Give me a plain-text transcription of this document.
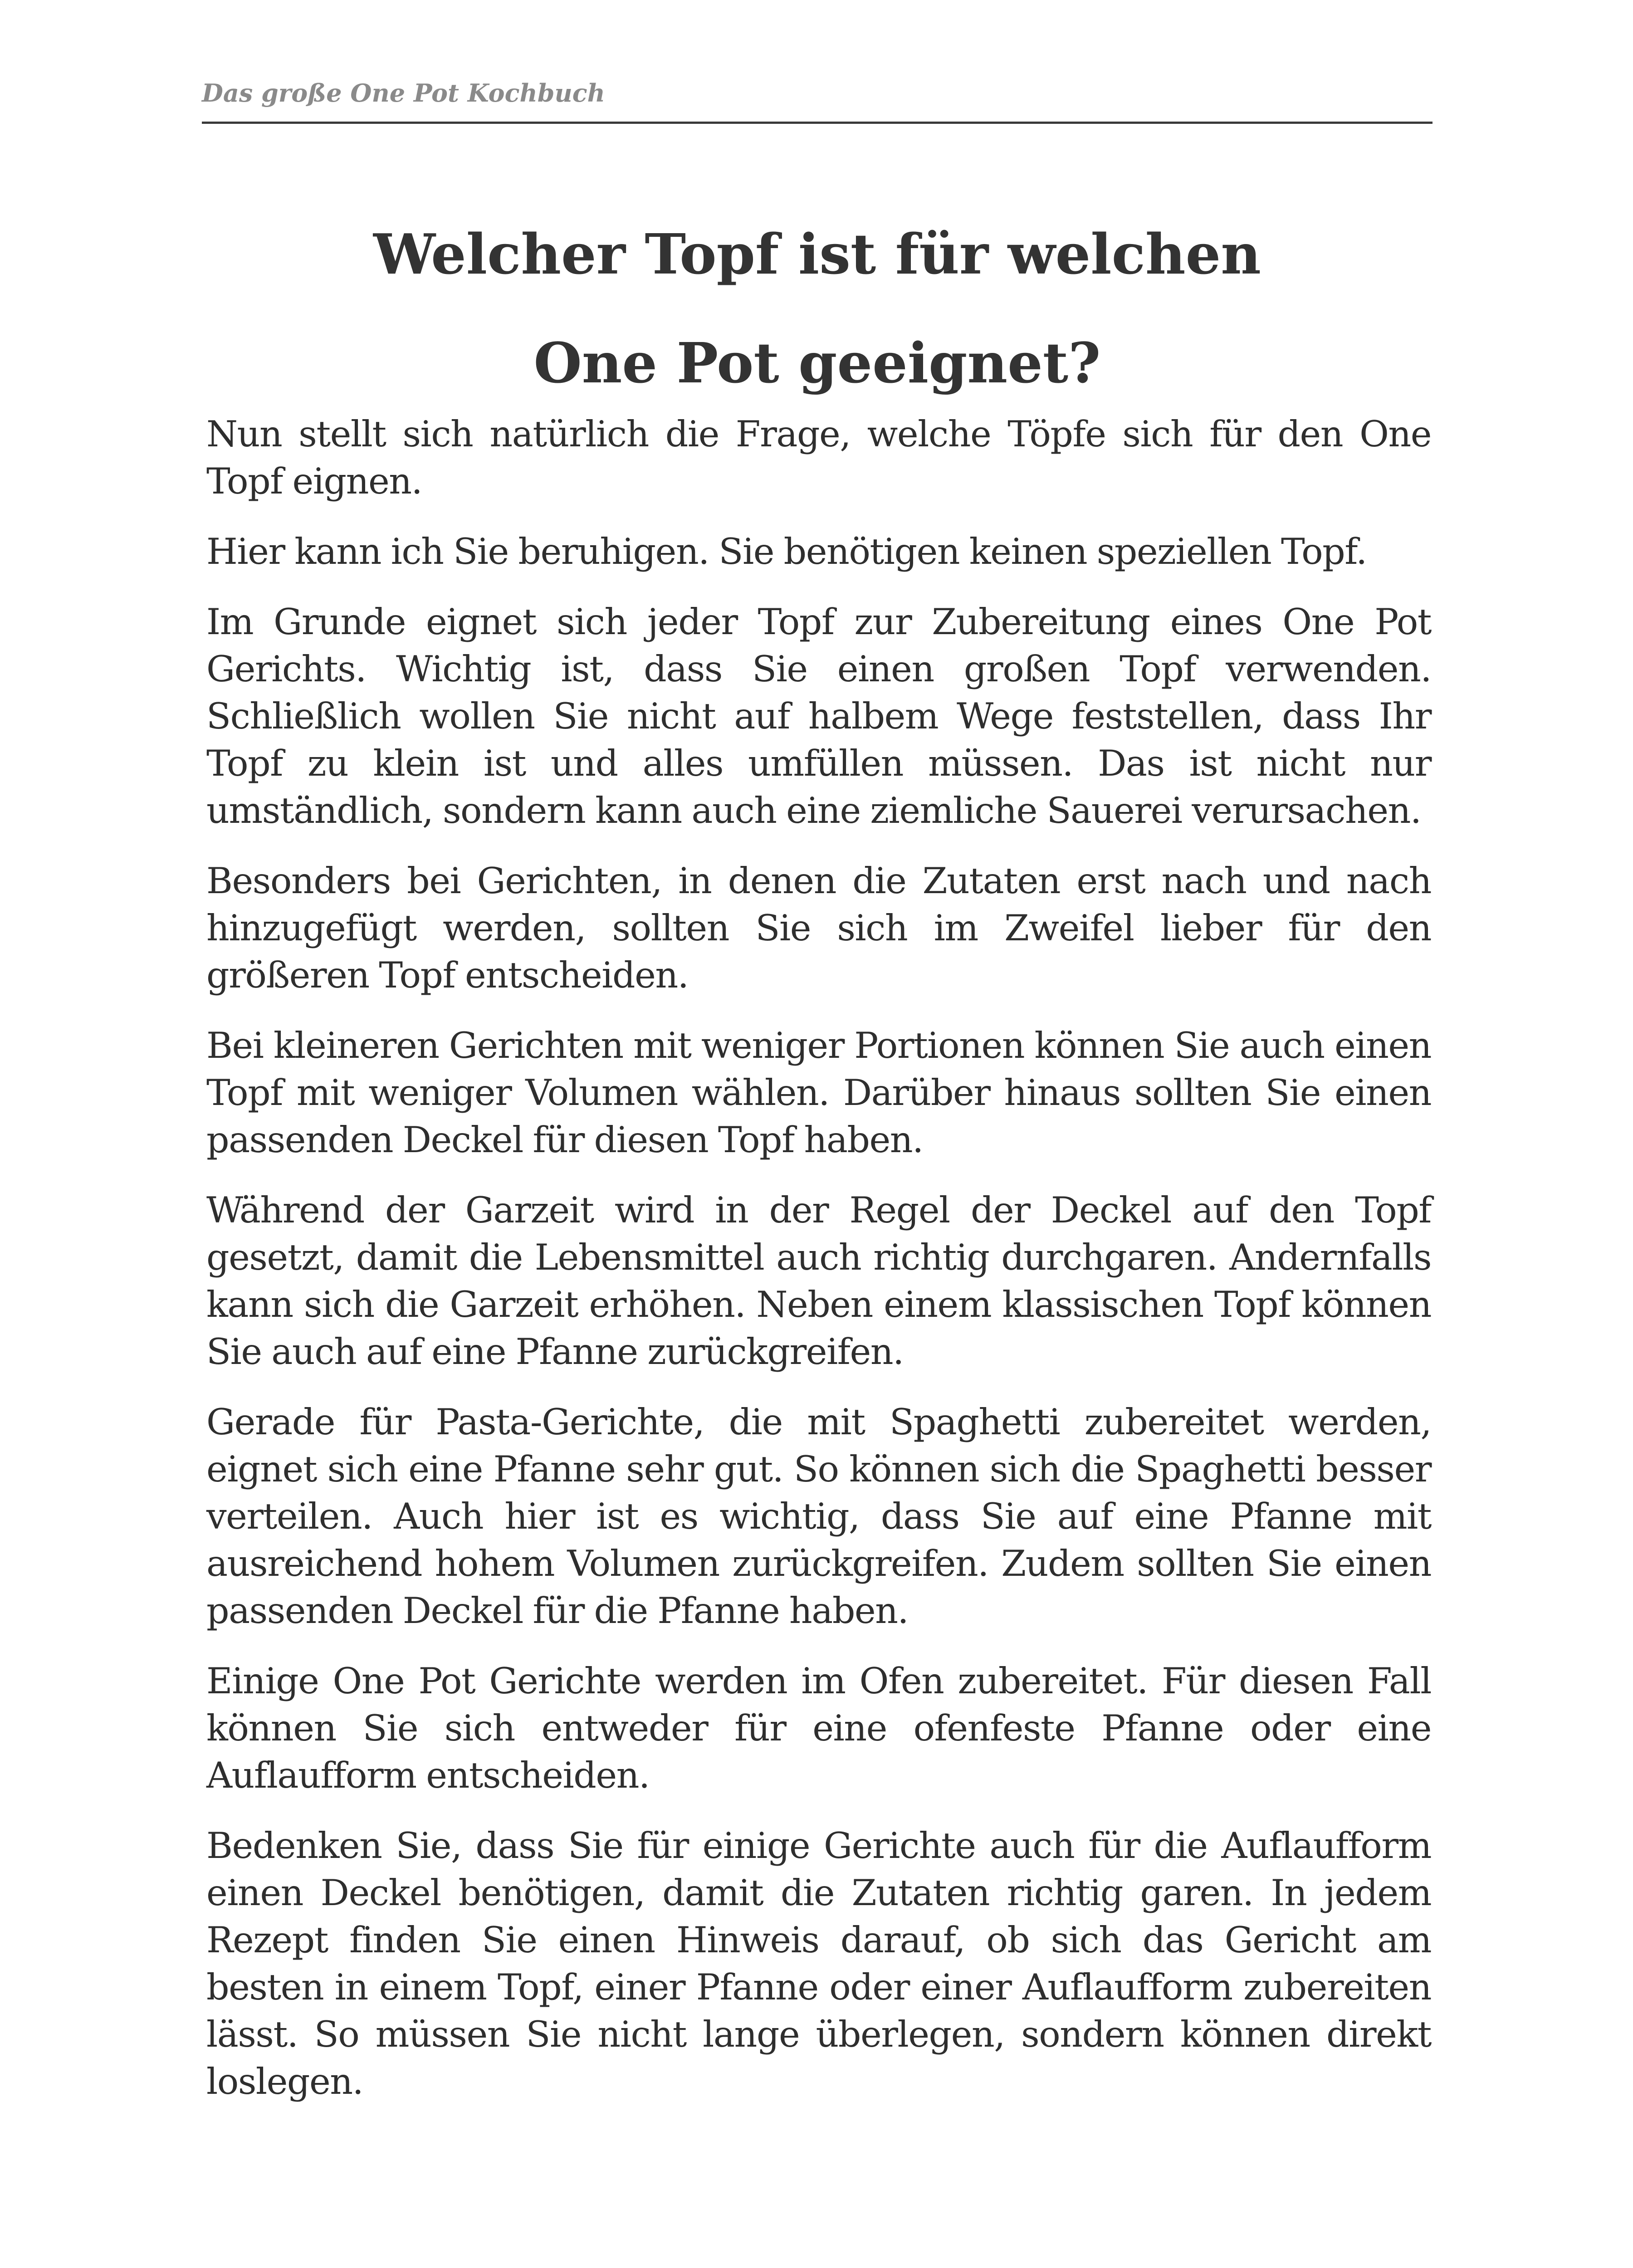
Das große One Pot Kochbuch
Welcher Topf ist für welchen
One Pot geeignet?

Nun stellt sich natürlich die Frage, welche Töpfe sich für den One Topf eignen.

Hier kann ich Sie beruhigen. Sie benötigen keinen speziellen Topf.

Im Grunde eignet sich jeder Topf zur Zubereitung eines One Pot Gerichts. Wichtig ist, dass Sie einen großen Topf verwenden. Schließlich wollen Sie nicht auf halbem Wege feststellen, dass Ihr Topf zu klein ist und alles umfüllen müssen. Das ist nicht nur umständlich, sondern kann auch eine ziemliche Sauerei verursachen.

Besonders bei Gerichten, in denen die Zutaten erst nach und nach hinzugefügt werden, sollten Sie sich im Zweifel lieber für den größeren Topf entscheiden.

Bei kleineren Gerichten mit weniger Portionen können Sie auch einen Topf mit weniger Volumen wählen. Darüber hinaus sollten Sie einen passenden Deckel für diesen Topf haben.

Während der Garzeit wird in der Regel der Deckel auf den Topf gesetzt, damit die Lebensmittel auch richtig durchgaren. Andernfalls kann sich die Garzeit erhöhen. Neben einem klassischen Topf können Sie auch auf eine Pfanne zurückgreifen.

Gerade für Pasta-Gerichte, die mit Spaghetti zubereitet werden, eignet sich eine Pfanne sehr gut. So können sich die Spaghetti besser verteilen. Auch hier ist es wichtig, dass Sie auf eine Pfanne mit ausreichend hohem Volumen zurückgreifen. Zudem sollten Sie einen passenden Deckel für die Pfanne haben.

Einige One Pot Gerichte werden im Ofen zubereitet. Für diesen Fall können Sie sich entweder für eine ofenfeste Pfanne oder eine Auflaufform entscheiden.

Bedenken Sie, dass Sie für einige Gerichte auch für die Auflaufform einen Deckel benötigen, damit die Zutaten richtig garen. In jedem Rezept finden Sie einen Hinweis darauf, ob sich das Gericht am besten in einem Topf, einer Pfanne oder einer Auflaufform zubereiten lässt. So müssen Sie nicht lange überlegen, sondern können direkt loslegen.
